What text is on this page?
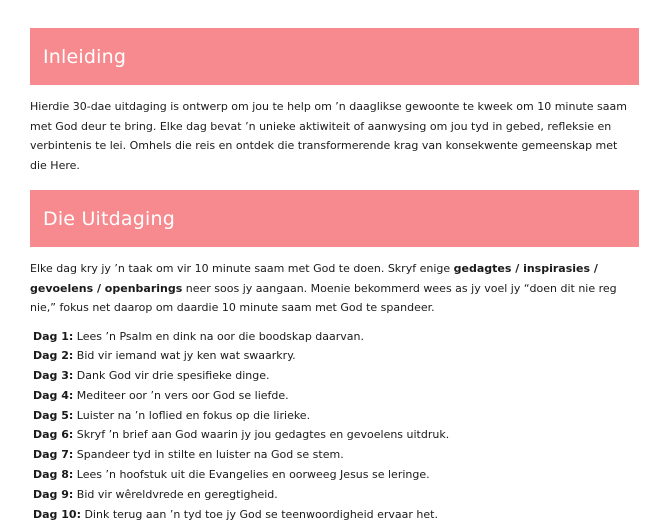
Inleiding

Hierdie 30-dae uitdaging is ontwerp om jou te help om ’n daaglikse gewoonte te kweek om 10 minute saam met God deur te bring. Elke dag bevat ’n unieke aktiwiteit of aanwysing om jou tyd in gebed, refleksie en verbintenis te lei. Omhels die reis en ontdek die transformerende krag van konsekwente gemeenskap met die Here.

Die Uitdaging

Elke dag kry jy ’n taak om vir 10 minute saam met God te doen. Skryf enige gedagtes / inspirasies / gevoelens / openbarings neer soos jy aangaan. Moenie bekommerd wees as jy voel jy “doen dit nie reg nie,” fokus net daarop om daardie 10 minute saam met God te spandeer.

Dag 1: Lees ’n Psalm en dink na oor die boodskap daarvan.
Dag 2: Bid vir iemand wat jy ken wat swaarkry.
Dag 3: Dank God vir drie spesifieke dinge.
Dag 4: Mediteer oor ’n vers oor God se liefde.
Dag 5: Luister na ’n loflied en fokus op die lirieke.
Dag 6: Skryf ’n brief aan God waarin jy jou gedagtes en gevoelens uitdruk.
Dag 7: Spandeer tyd in stilte en luister na God se stem.
Dag 8: Lees ’n hoofstuk uit die Evangelies en oorweeg Jesus se leringe.
Dag 9: Bid vir wêreldvrede en geregtigheid.
Dag 10: Dink terug aan ’n tyd toe jy God se teenwoordigheid ervaar het.
